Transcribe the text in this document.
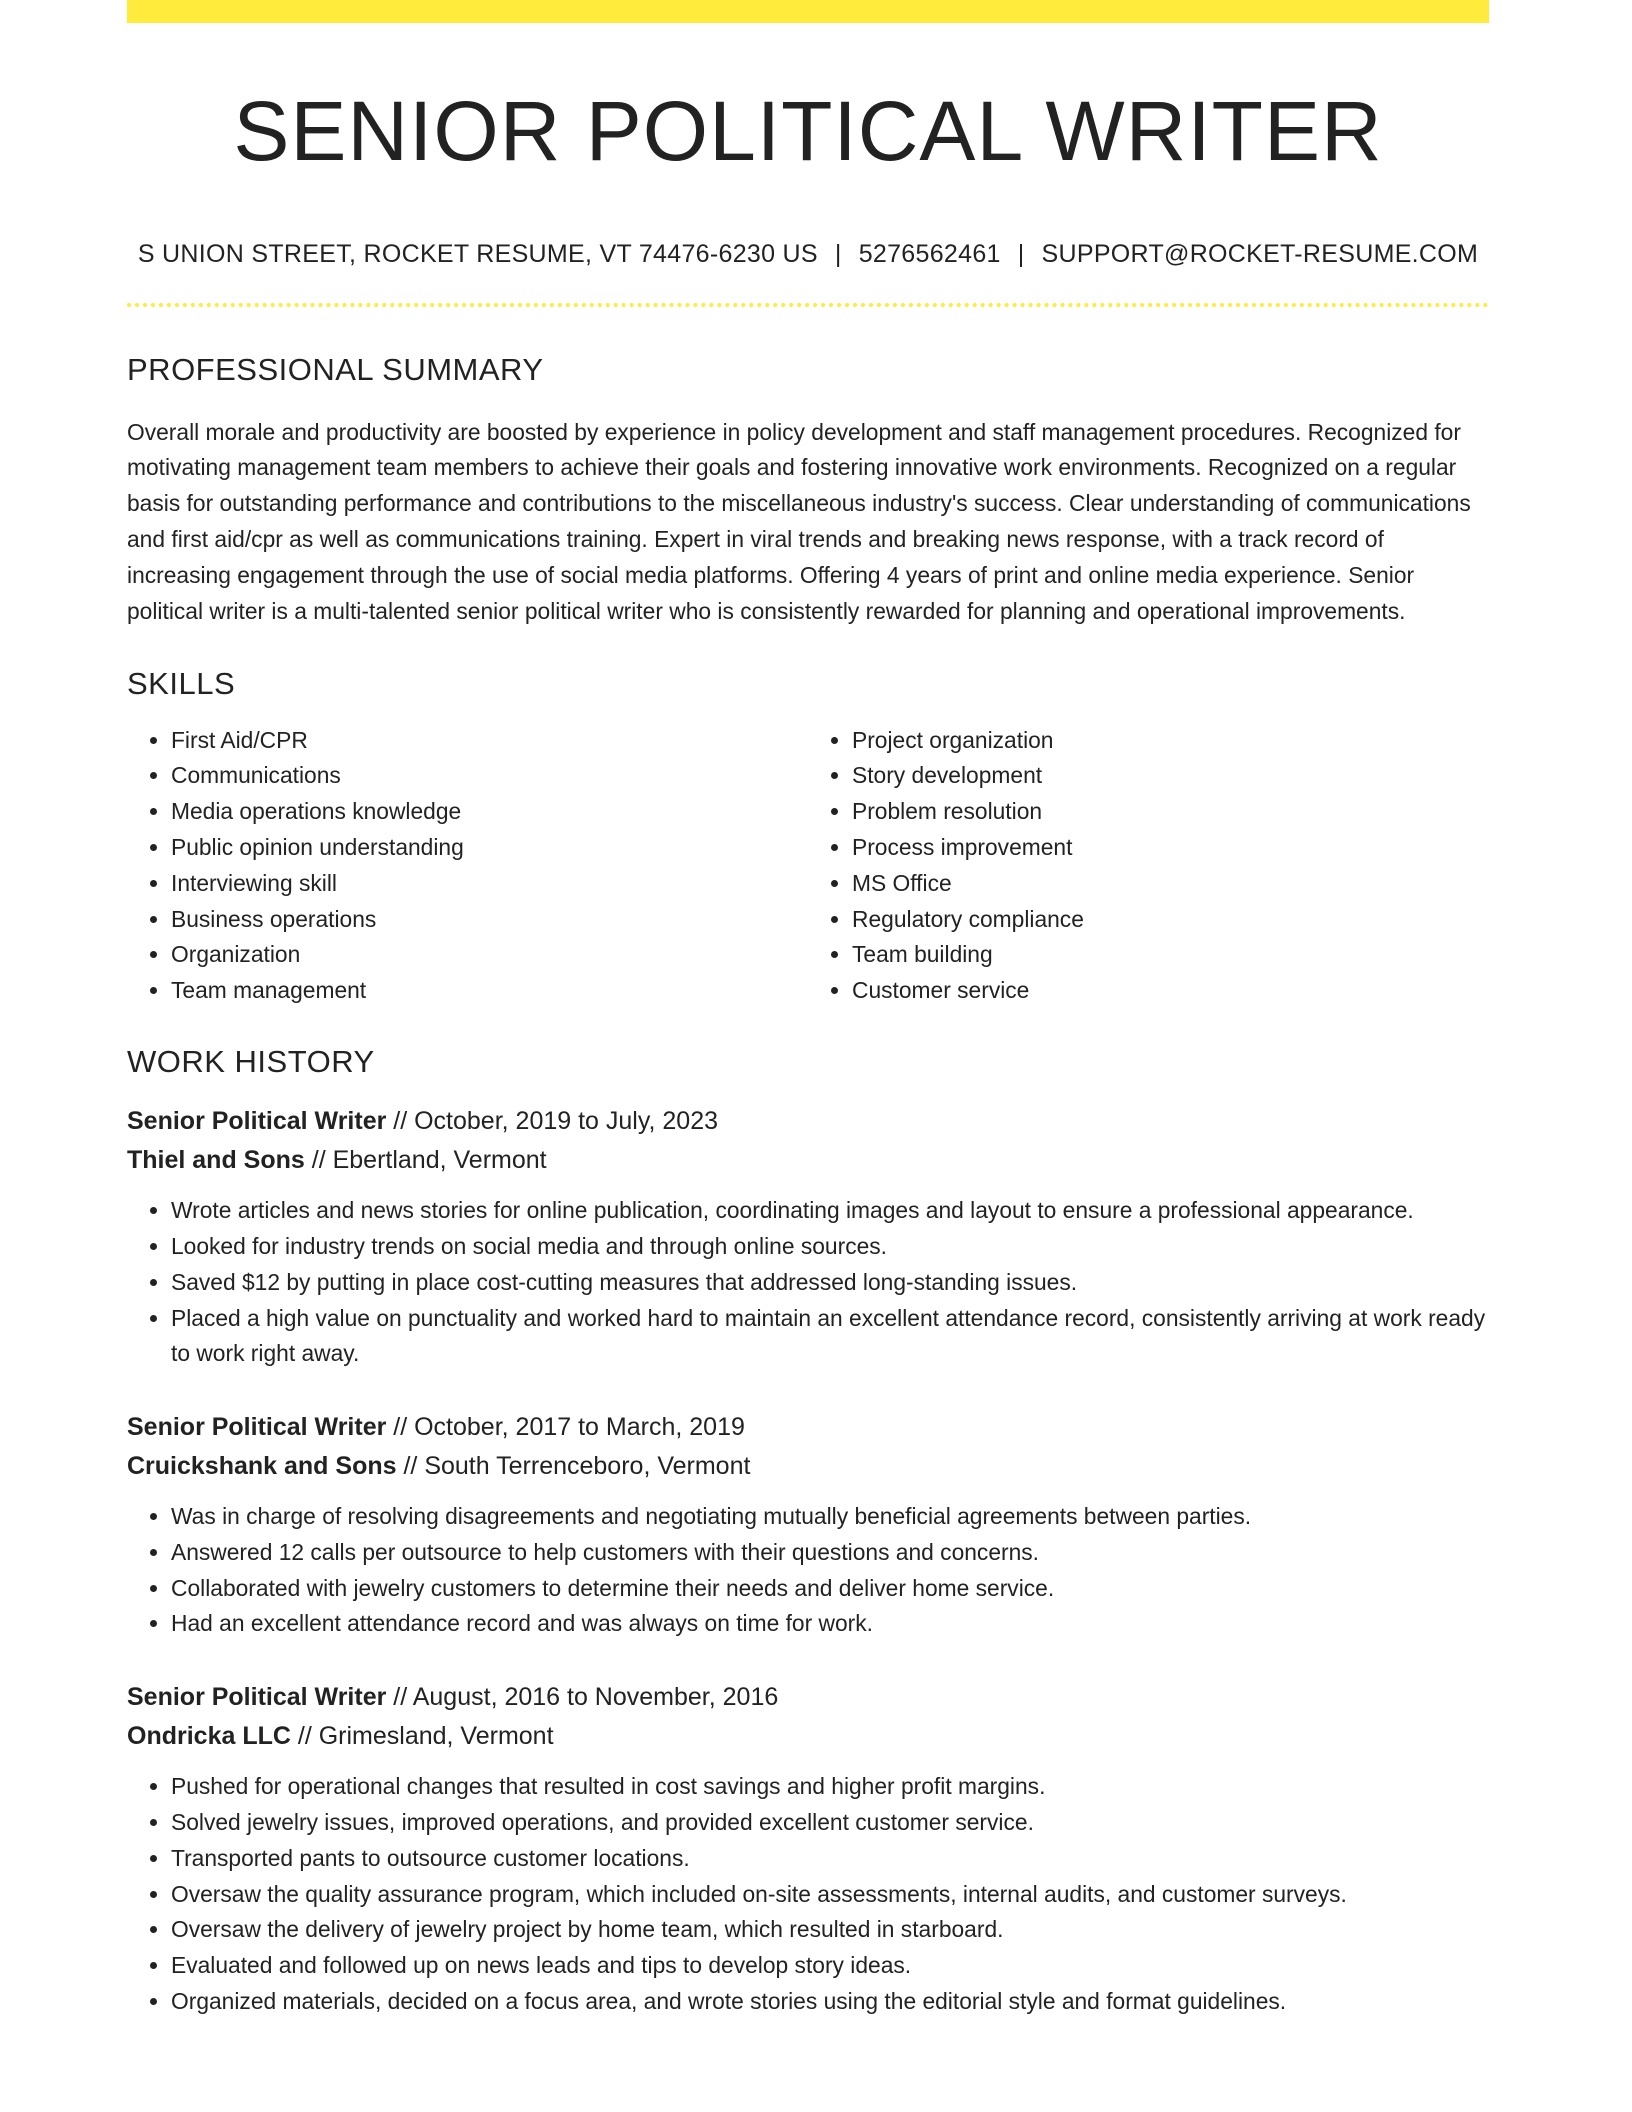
SENIOR POLITICAL WRITER
S UNION STREET, ROCKET RESUME, VT 74476-6230 US | 5276562461 | SUPPORT@ROCKET-RESUME.COM
PROFESSIONAL SUMMARY
Overall morale and productivity are boosted by experience in policy development and staff management procedures. Recognized for motivating management team members to achieve their goals and fostering innovative work environments. Recognized on a regular basis for outstanding performance and contributions to the miscellaneous industry's success. Clear understanding of communications and first aid/cpr as well as communications training. Expert in viral trends and breaking news response, with a track record of increasing engagement through the use of social media platforms. Offering 4 years of print and online media experience. Senior political writer is a multi-talented senior political writer who is consistently rewarded for planning and operational improvements.
SKILLS
• First Aid/CPR
• Communications
• Media operations knowledge
• Public opinion understanding
• Interviewing skill
• Business operations
• Organization
• Team management
• Project organization
• Story development
• Problem resolution
• Process improvement
• MS Office
• Regulatory compliance
• Team building
• Customer service
WORK HISTORY
Senior Political Writer // October, 2019 to July, 2023
Thiel and Sons // Ebertland, Vermont
• Wrote articles and news stories for online publication, coordinating images and layout to ensure a professional appearance.
• Looked for industry trends on social media and through online sources.
• Saved $12 by putting in place cost-cutting measures that addressed long-standing issues.
• Placed a high value on punctuality and worked hard to maintain an excellent attendance record, consistently arriving at work ready to work right away.
Senior Political Writer // October, 2017 to March, 2019
Cruickshank and Sons // South Terrenceboro, Vermont
• Was in charge of resolving disagreements and negotiating mutually beneficial agreements between parties.
• Answered 12 calls per outsource to help customers with their questions and concerns.
• Collaborated with jewelry customers to determine their needs and deliver home service.
• Had an excellent attendance record and was always on time for work.
Senior Political Writer // August, 2016 to November, 2016
Ondricka LLC // Grimesland, Vermont
• Pushed for operational changes that resulted in cost savings and higher profit margins.
• Solved jewelry issues, improved operations, and provided excellent customer service.
• Transported pants to outsource customer locations.
• Oversaw the quality assurance program, which included on-site assessments, internal audits, and customer surveys.
• Oversaw the delivery of jewelry project by home team, which resulted in starboard.
• Evaluated and followed up on news leads and tips to develop story ideas.
• Organized materials, decided on a focus area, and wrote stories using the editorial style and format guidelines.
